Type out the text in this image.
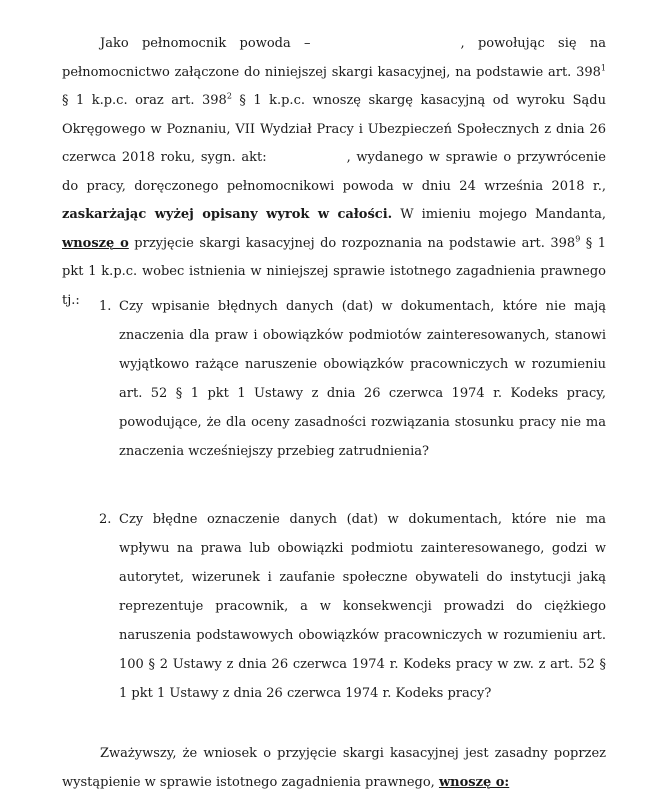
Jako pełnomocnik powoda –	, powołując się na pełnomocnictwo załączone do niniejszej skargi kasacyjnej, na podstawie art. $398^1$ § 1 k.p.c. oraz art. $398^2$ § 1 k.p.c. wnoszę skargę kasacyjną od wyroku Sądu Okręgowego w Poznaniu, VII Wydział Pracy i Ubezpieczeń Społecznych z dnia 26 czerwca 2018 roku, sygn. akt:	, wydanego w sprawie o przywrócenie do pracy, doręczonego pełnomocnikowi powoda w dniu 24 września 2018 r., zaskarżając wyżej opisany wyrok w całości. W imieniu mojego Mandanta, wnoszę o przyjęcie skargi kasacyjnej do rozpoznania na podstawie art. $398^9$ § 1 pkt 1 k.p.c. wobec istnienia w niniejszej sprawie istotnego zagadnienia prawnego tj.:	1. Czy wpisanie błędnych danych (dat) w dokumentach, które nie mają znaczenia dla praw i obowiązków podmiotów zainteresowanych, stanowi wyjątkowo rażące naruszenie obowiązków pracowniczych w rozumieniu art. 52 § 1 pkt 1 Ustawy z dnia 26 czerwca 1974 r. Kodeks pracy, powodujące, że dla oceny zasadności rozwiązania stosunku pracy nie ma znaczenia wcześniejszy przebieg zatrudnienia?
2. Czy błędne oznaczenie danych (dat) w dokumentach, które nie ma wpływu na prawa lub obowiązki podmiotu zainteresowanego, godzi w autorytet, wizerunek i zaufanie społeczne obywateli do instytucji jaką reprezentuje pracownik, a w konsekwencji prowadzi do ciężkiego naruszenia podstawowych obowiązków pracowniczych w rozumieniu art. 100 § 2 Ustawy z dnia 26 czerwca 1974 r. Kodeks pracy w zw. z art. 52 § 1 pkt 1 Ustawy z dnia 26 czerwca 1974 r. Kodeks pracy?

Zważywszy, że wniosek o przyjęcie skargi kasacyjnej jest zasadny poprzez wystąpienie w sprawie istotnego zagadnienia prawnego, wnoszę o:
